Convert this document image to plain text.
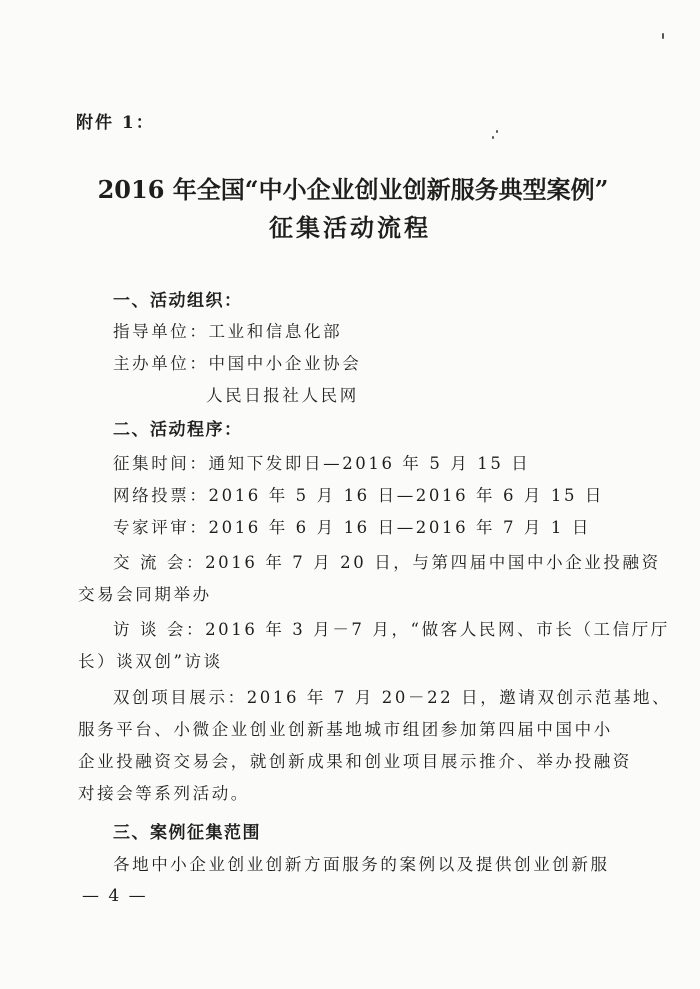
附件 1：
2016 年全国“中小企业创业创新服务典型案例”
征集活动流程
一、活动组织：
指导单位：工业和信息化部
主办单位：中国中小企业协会
人民日报社人民网
二、活动程序：
征集时间：通知下发即日—2016 年 5 月 15 日
网络投票：2016 年 5 月 16 日—2016 年 6 月 15 日
专家评审：2016 年 6 月 16 日—2016 年 7 月 1 日
交 流 会：2016 年 7 月 20 日，与第四届中国中小企业投融资
交易会同期举办
访 谈 会：2016 年 3 月－7 月，“做客人民网、市长（工信厅厅
长）谈双创”访谈
双创项目展示：2016 年 7 月 20－22 日，邀请双创示范基地、
服务平台、小微企业创业创新基地城市组团参加第四届中国中小
企业投融资交易会，就创新成果和创业项目展示推介、举办投融资
对接会等系列活动。
三、案例征集范围
各地中小企业创业创新方面服务的案例以及提供创业创新服
— 4 —
